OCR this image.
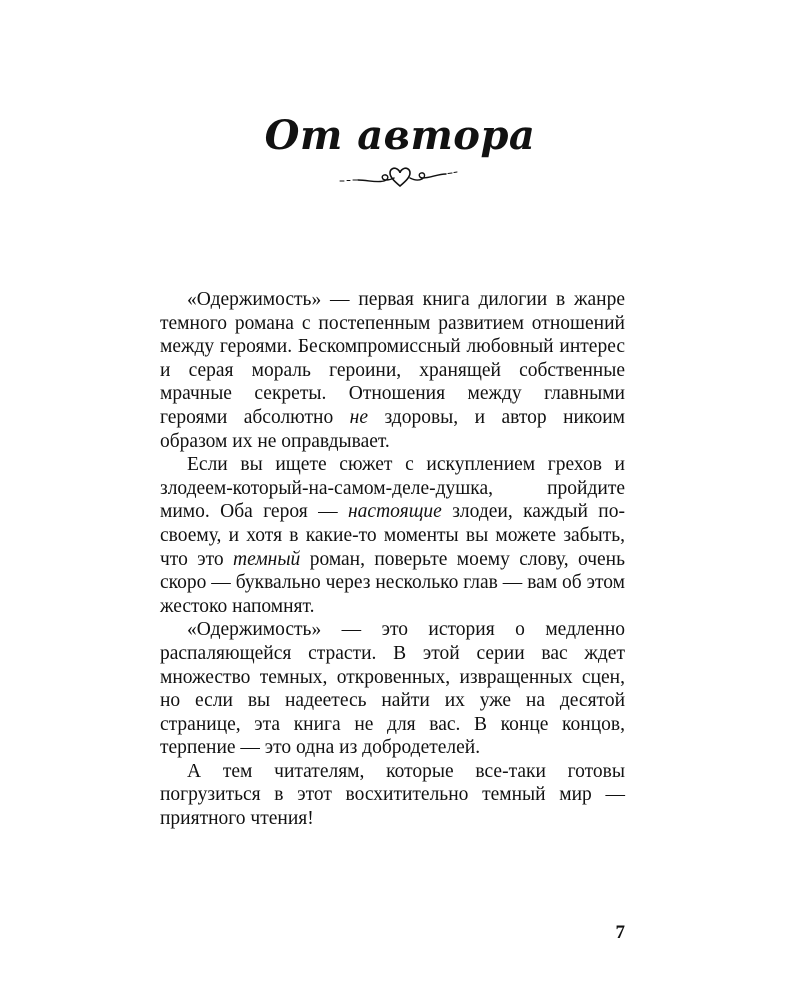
От автора

«Одержимость» — первая книга дилогии в жанре темного романа с постепенным развитием отношений между героями. Бескомпромиссный любовный интерес и серая мораль героини, хранящей собственные мрачные секреты. Отношения между главными героями абсолютно не здоровы, и автор никоим образом их не оправдывает.

Если вы ищете сюжет с искуплением грехов и злодеем-который-на-самом-деле-душка, пройдите мимо. Оба героя — настоящие злодеи, каждый по-своему, и хотя в какие-то моменты вы можете забыть, что это темный роман, поверьте моему слову, очень скоро — буквально через несколько глав — вам об этом жестоко напомнят.

«Одержимость» — это история о медленно распаляющейся страсти. В этой серии вас ждет множество темных, откровенных, извращенных сцен, но если вы надеетесь найти их уже на десятой странице, эта книга не для вас. В конце концов, терпение — это одна из добродетелей.

А тем читателям, которые все-таки готовы погрузиться в этот восхитительно темный мир — приятного чтения!

7
